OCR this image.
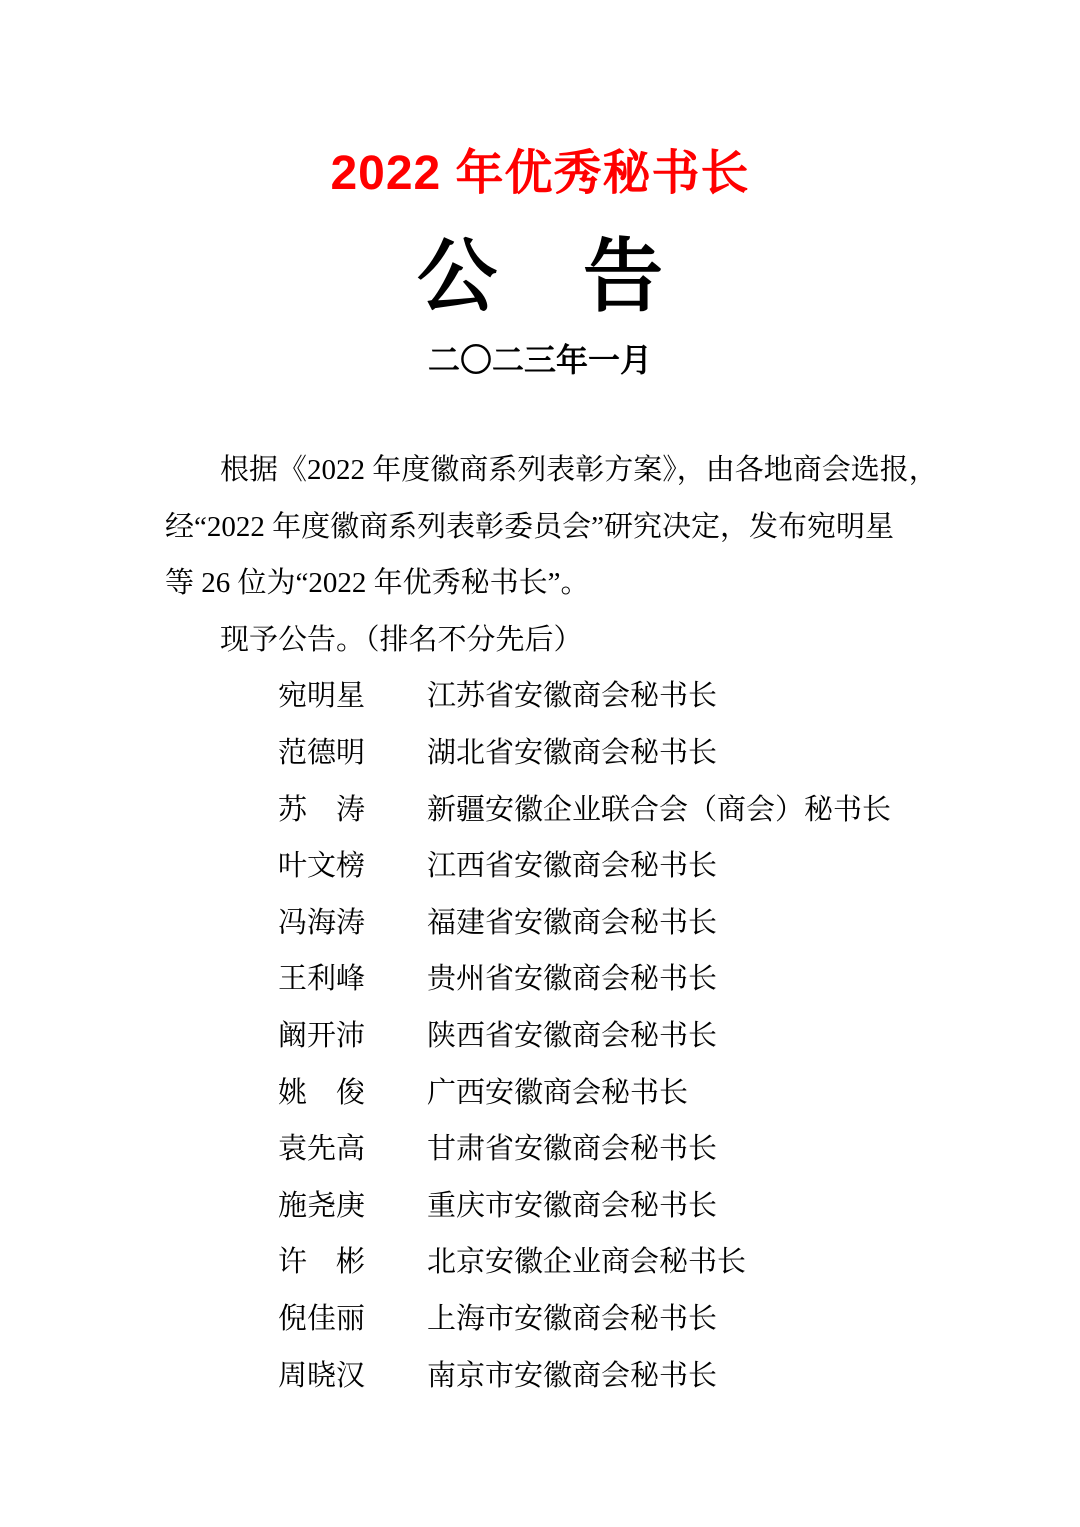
2022 年优秀秘书长
公 告
二〇二三年一月
根据《2022 年度徽商系列表彰方案》，由各地商会选报，
经“2022 年度徽商系列表彰委员会”研究决定，发布宛明星
等 26 位为“2022 年优秀秘书长”。
现予公告。（排名不分先后）
宛明星	江苏省安徽商会秘书长
范德明	湖北省安徽商会秘书长
苏　涛	新疆安徽企业联合会（商会）秘书长
叶文榜	江西省安徽商会秘书长
冯海涛	福建省安徽商会秘书长
王利峰	贵州省安徽商会秘书长
阚开沛	陕西省安徽商会秘书长
姚　俊	广西安徽商会秘书长
袁先高	甘肃省安徽商会秘书长
施尧庚	重庆市安徽商会秘书长
许　彬	北京安徽企业商会秘书长
倪佳丽	上海市安徽商会秘书长
周晓汉	南京市安徽商会秘书长
